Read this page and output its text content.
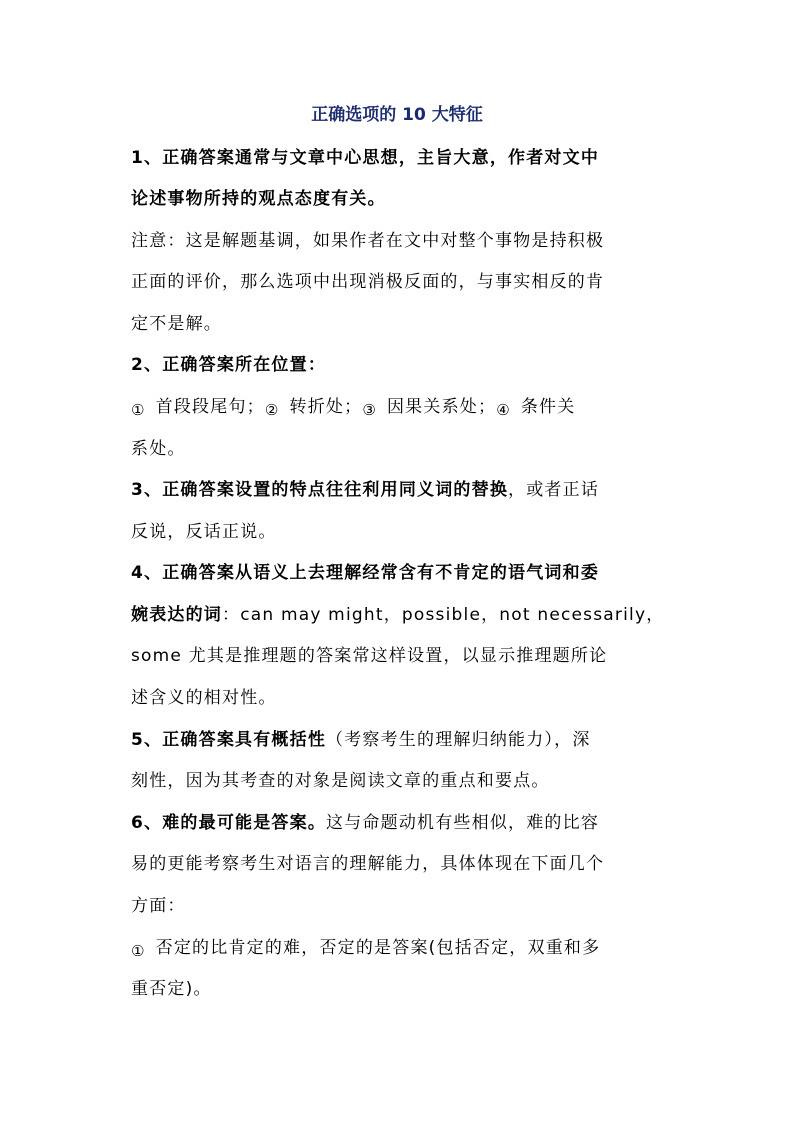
正确选项的 10 大特征
1、正确答案通常与文章中心思想，主旨大意，作者对文中
论述事物所持的观点态度有关。
注意：这是解题基调，如果作者在文中对整个事物是持积极
正面的评价，那么选项中出现消极反面的，与事实相反的肯
定不是解。
2、正确答案所在位置：
① 首段段尾句；② 转折处；③ 因果关系处；④ 条件关
系处。
3、正确答案设置的特点往往利用同义词的替换，或者正话
反说，反话正说。
4、正确答案从语义上去理解经常含有不肯定的语气词和委
婉表达的词：can may might，possible，not necessarily，
some 尤其是推理题的答案常这样设置，以显示推理题所论
述含义的相对性。
5、正确答案具有概括性（考察考生的理解归纳能力），深
刻性，因为其考查的对象是阅读文章的重点和要点。
6、难的最可能是答案。这与命题动机有些相似，难的比容
易的更能考察考生对语言的理解能力，具体体现在下面几个
方面：
① 否定的比肯定的难，否定的是答案(包括否定，双重和多
重否定)。
